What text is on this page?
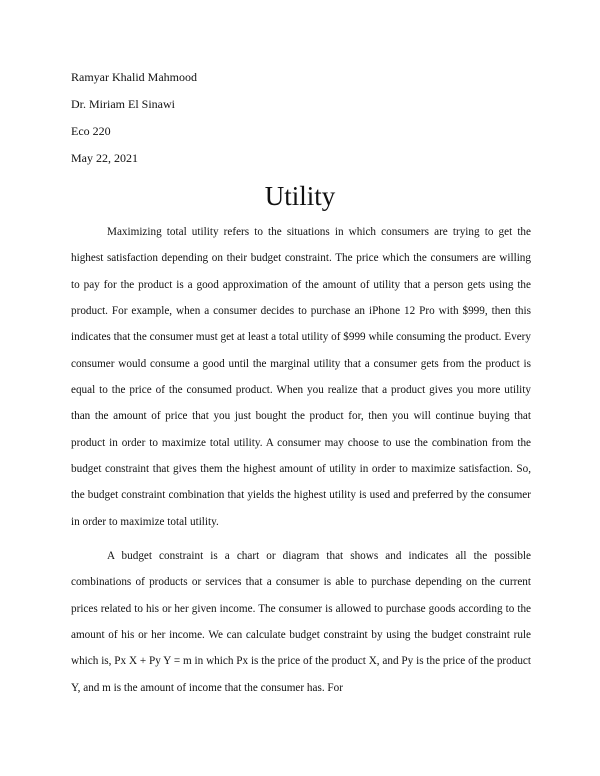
Ramyar Khalid Mahmood
Dr. Miriam El Sinawi
Eco 220
May 22, 2021
Utility

Maximizing total utility refers to the situations in which consumers are trying to get the highest satisfaction depending on their budget constraint. The price which the consumers are willing to pay for the product is a good approximation of the amount of utility that a person gets using the product. For example, when a consumer decides to purchase an iPhone 12 Pro with $999, then this indicates that the consumer must get at least a total utility of $999 while consuming the product. Every consumer would consume a good until the marginal utility that a consumer gets from the product is equal to the price of the consumed product. When you realize that a product gives you more utility than the amount of price that you just bought the product for, then you will continue buying that product in order to maximize total utility. A consumer may choose to use the combination from the budget constraint that gives them the highest amount of utility in order to maximize satisfaction. So, the budget constraint combination that yields the highest utility is used and preferred by the consumer in order to maximize total utility.

A budget constraint is a chart or diagram that shows and indicates all the possible combinations of products or services that a consumer is able to purchase depending on the current prices related to his or her given income. The consumer is allowed to purchase goods according to the amount of his or her income. We can calculate budget constraint by using the budget constraint rule which is, Px X + Py Y = m in which Px is the price of the product X, and Py is the price of the product Y, and m is the amount of income that the consumer has. For
